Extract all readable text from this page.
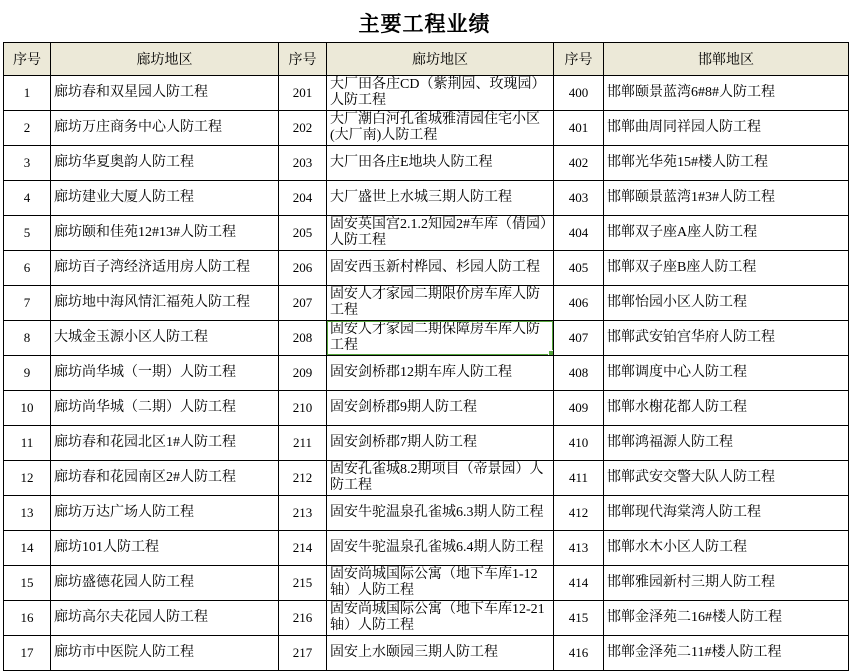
主要工程业绩
序号	廊坊地区	序号	廊坊地区	序号	邯郸地区
1	廊坊春和双星园人防工程	201	大厂田各庄CD（紫荆园、玫瑰园）人防工程	400	邯郸颐景蓝湾6#8#人防工程
2	廊坊万庄商务中心人防工程	202	大厂潮白河孔雀城雅清园住宅小区(大厂南)人防工程	401	邯郸曲周同祥园人防工程
3	廊坊华夏奥韵人防工程	203	大厂田各庄E地块人防工程	402	邯郸光华苑15#楼人防工程
4	廊坊建业大厦人防工程	204	大厂盛世上水城三期人防工程	403	邯郸颐景蓝湾1#3#人防工程
5	廊坊颐和佳苑12#13#人防工程	205	固安英国宫2.1.2知园2#车库（倩园）人防工程	404	邯郸双子座A座人防工程
6	廊坊百子湾经济适用房人防工程	206	固安西玉新村桦园、杉园人防工程	405	邯郸双子座B座人防工程
7	廊坊地中海风情汇福苑人防工程	207	固安人才家园二期限价房车库人防工程	406	邯郸怡园小区人防工程
8	大城金玉源小区人防工程	208	固安人才家园二期保障房车库人防工程	407	邯郸武安铂宫华府人防工程
9	廊坊尚华城（一期）人防工程	209	固安剑桥郡12期车库人防工程	408	邯郸调度中心人防工程
10	廊坊尚华城（二期）人防工程	210	固安剑桥郡9期人防工程	409	邯郸水榭花都人防工程
11	廊坊春和花园北区1#人防工程	211	固安剑桥郡7期人防工程	410	邯郸鸿福源人防工程
12	廊坊春和花园南区2#人防工程	212	固安孔雀城8.2期项目（帝景园）人防工程	411	邯郸武安交警大队人防工程
13	廊坊万达广场人防工程	213	固安牛驼温泉孔雀城6.3期人防工程	412	邯郸现代海棠湾人防工程
14	廊坊101人防工程	214	固安牛驼温泉孔雀城6.4期人防工程	413	邯郸水木小区人防工程
15	廊坊盛德花园人防工程	215	固安尚城国际公寓（地下车库1-12轴）人防工程	414	邯郸雅园新村三期人防工程
16	廊坊高尔夫花园人防工程	216	固安尚城国际公寓（地下车库12-21轴）人防工程	415	邯郸金泽苑二16#楼人防工程
17	廊坊市中医院人防工程	217	固安上水颐园三期人防工程	416	邯郸金泽苑二11#楼人防工程
